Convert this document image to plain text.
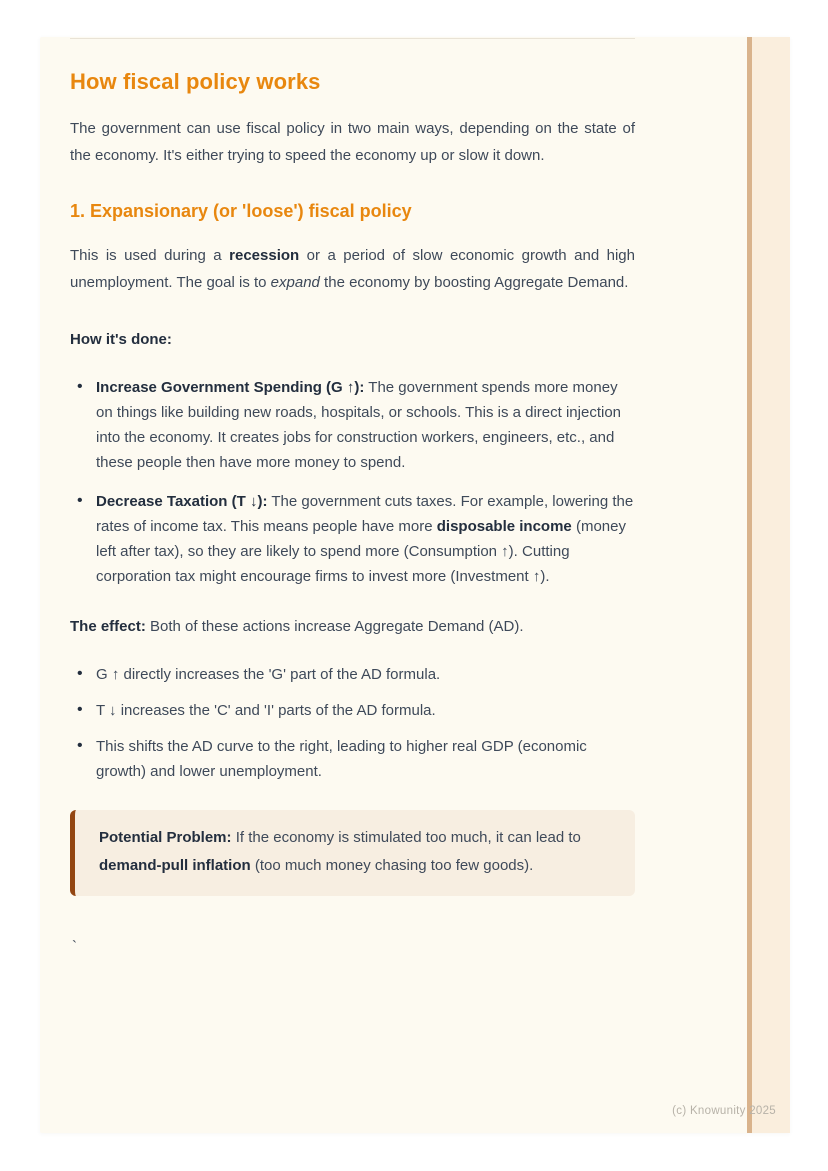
How fiscal policy works

The government can use fiscal policy in two main ways, depending on the state of the economy. It's either trying to speed the economy up or slow it down.

1. Expansionary (or 'loose') fiscal policy

This is used during a recession or a period of slow economic growth and high unemployment. The goal is to expand the economy by boosting Aggregate Demand.

How it's done:

• Increase Government Spending (G ↑): The government spends more money on things like building new roads, hospitals, or schools. This is a direct injection into the economy. It creates jobs for construction workers, engineers, etc., and these people then have more money to spend.
• Decrease Taxation (T ↓): The government cuts taxes. For example, lowering the rates of income tax. This means people have more disposable income (money left after tax), so they are likely to spend more (Consumption ↑). Cutting corporation tax might encourage firms to invest more (Investment ↑).

The effect: Both of these actions increase Aggregate Demand (AD).

• G ↑ directly increases the 'G' part of the AD formula.
• T ↓ increases the 'C' and 'I' parts of the AD formula.
• This shifts the AD curve to the right, leading to higher real GDP (economic growth) and lower unemployment.

Potential Problem: If the economy is stimulated too much, it can lead to demand-pull inflation (too much money chasing too few goods).

`

(c) Knowunity 2025
